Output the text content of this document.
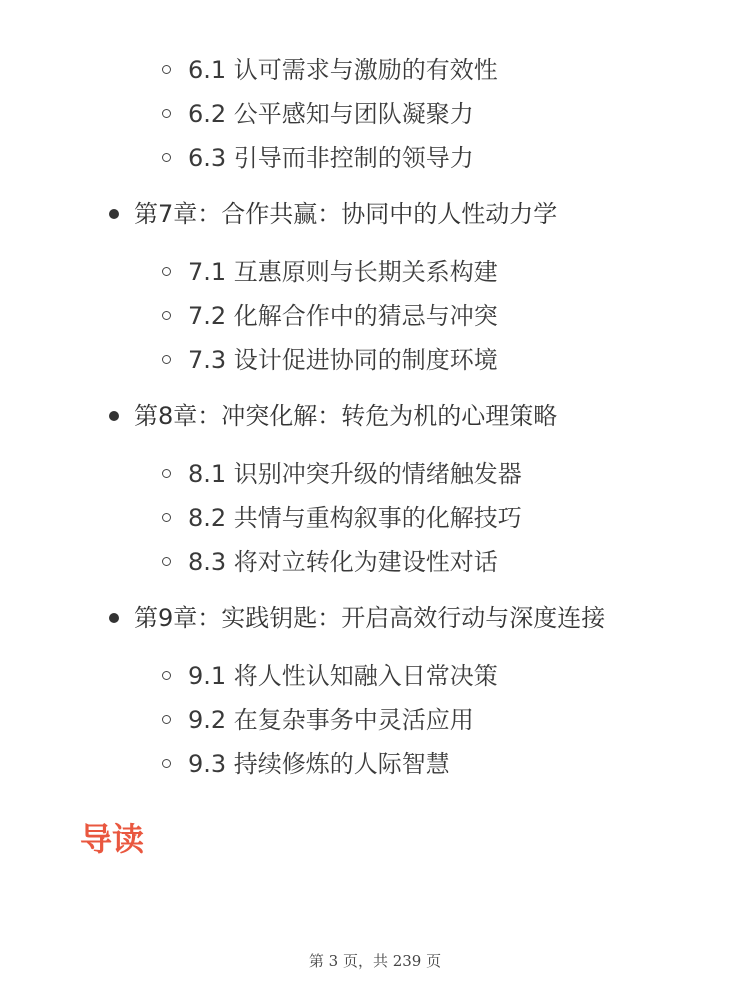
6.1 认可需求与激励的有效性
6.2 公平感知与团队凝聚力
6.3 引导而非控制的领导力
第7章：合作共赢：协同中的人性动力学
7.1 互惠原则与长期关系构建
7.2 化解合作中的猜忌与冲突
7.3 设计促进协同的制度环境
第8章：冲突化解：转危为机的心理策略
8.1 识别冲突升级的情绪触发器
8.2 共情与重构叙事的化解技巧
8.3 将对立转化为建设性对话
第9章：实践钥匙：开启高效行动与深度连接
9.1 将人性认知融入日常决策
9.2 在复杂事务中灵活应用
9.3 持续修炼的人际智慧
导读
第 3 页，共 239 页
